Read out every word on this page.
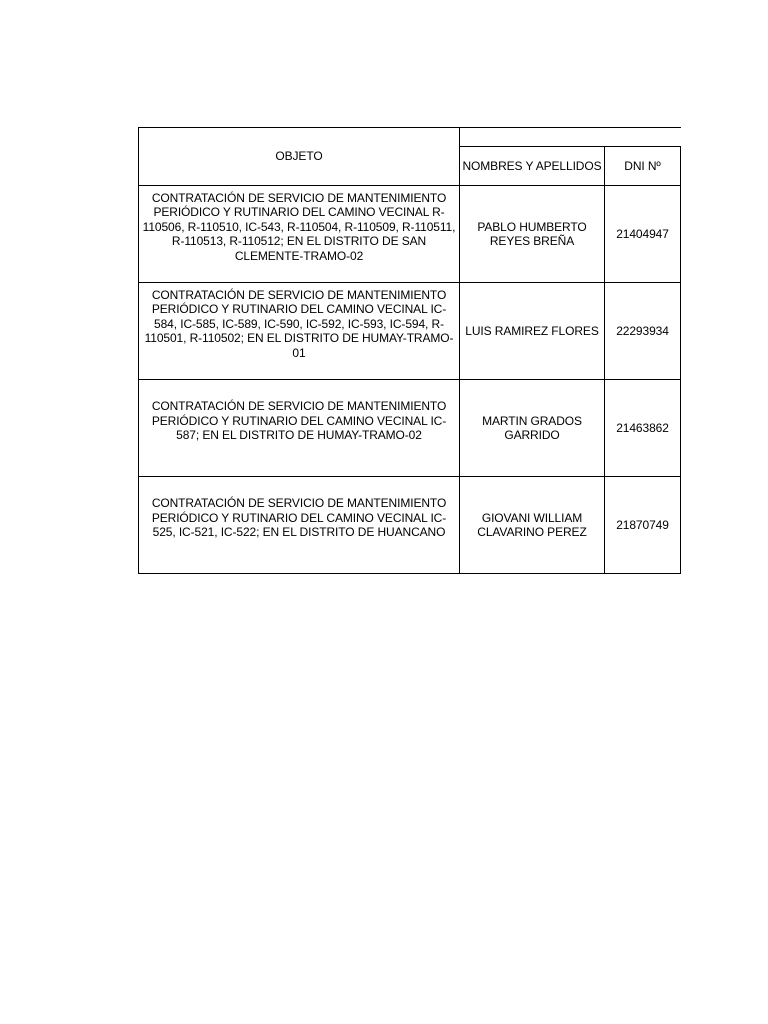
OBJETO		
	NOMBRES Y APELLIDOS	DNI Nº
CONTRATACIÓN DE SERVICIO DE MANTENIMIENTO PERIÓDICO Y RUTINARIO DEL CAMINO VECINAL R-110506, R-110510, IC-543, R-110504, R-110509, R-110511, R-110513, R-110512; EN EL DISTRITO DE SAN CLEMENTE-TRAMO-02	PABLO HUMBERTO REYES BREÑA	21404947
CONTRATACIÓN DE SERVICIO DE MANTENIMIENTO PERIÓDICO Y RUTINARIO DEL CAMINO VECINAL IC-584, IC-585, IC-589, IC-590, IC-592, IC-593, IC-594, R-110501, R-110502; EN EL DISTRITO DE HUMAY-TRAMO-01	LUIS RAMIREZ FLORES	22293934
CONTRATACIÓN DE SERVICIO DE MANTENIMIENTO PERIÓDICO Y RUTINARIO DEL CAMINO VECINAL IC-587; EN EL DISTRITO DE HUMAY-TRAMO-02	MARTIN GRADOS GARRIDO	21463862
CONTRATACIÓN DE SERVICIO DE MANTENIMIENTO PERIÓDICO Y RUTINARIO DEL CAMINO VECINAL IC-525, IC-521, IC-522; EN EL DISTRITO DE HUANCANO	GIOVANI WILLIAM CLAVARINO PEREZ	21870749
